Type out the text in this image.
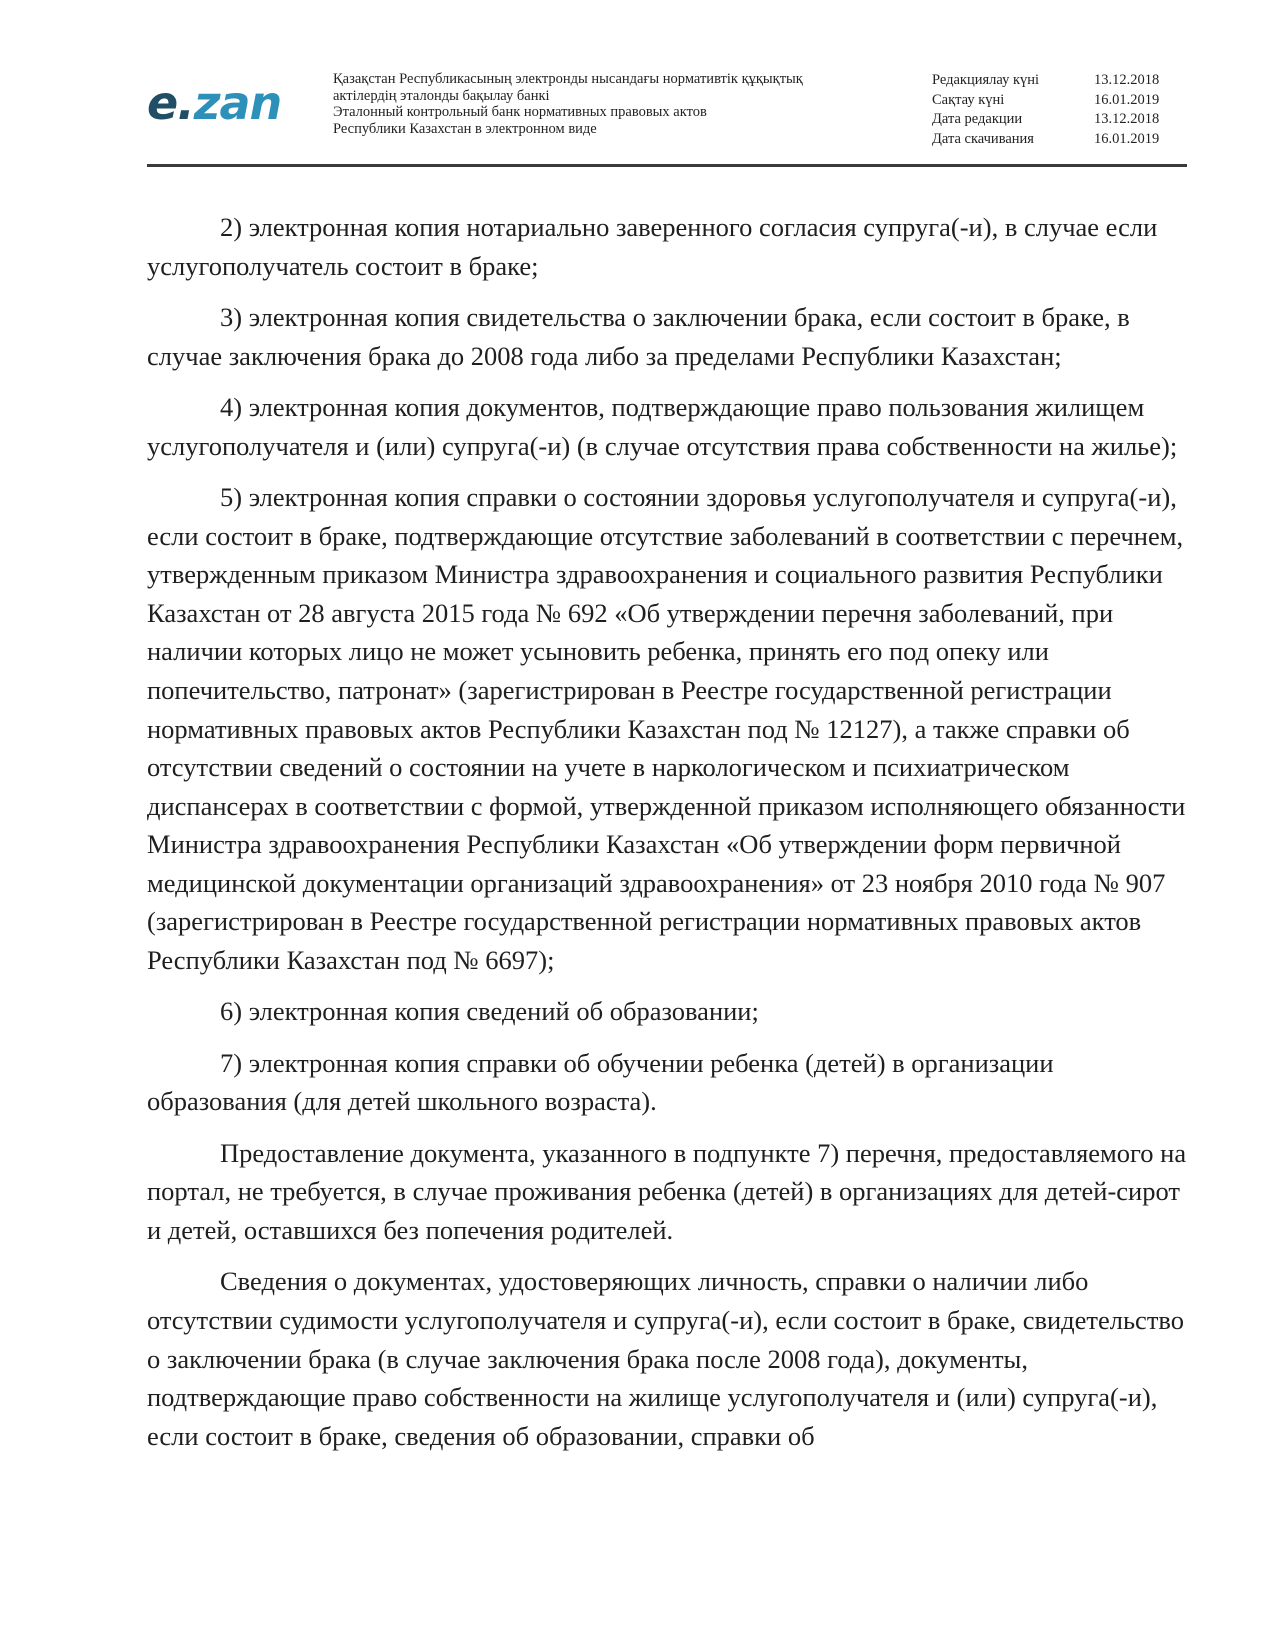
e.zan	Қазақстан Республикасының электронды нысандағы нормативтік құқықтық
актілердің эталонды бақылау банкі
Эталонный контрольный банк нормативных правовых актов
Республики Казахстан в электронном виде
Редакциялау күні	13.12.2018
Сақтау күні	16.01.2019
Дата редакции	13.12.2018
Дата скачивания	16.01.2019

2) электронная копия нотариально заверенного согласия супруга(-и), в случае если услугополучатель состоит в браке;

3) электронная копия свидетельства о заключении брака, если состоит в браке, в случае заключения брака до 2008 года либо за пределами Республики Казахстан;

4) электронная копия документов, подтверждающие право пользования жилищем услугополучателя и (или) супруга(-и) (в случае отсутствия права собственности на жилье);

5) электронная копия справки о состоянии здоровья услугополучателя и супруга(-и), если состоит в браке, подтверждающие отсутствие заболеваний в соответствии с перечнем, утвержденным приказом Министра здравоохранения и социального развития Республики Казахстан от 28 августа 2015 года № 692 «Об утверждении перечня заболеваний, при наличии которых лицо не может усыновить ребенка, принять его под опеку или попечительство, патронат» (зарегистрирован в Реестре государственной регистрации нормативных правовых актов Республики Казахстан под № 12127), а также справки об отсутствии сведений о состоянии на учете в наркологическом и психиатрическом диспансерах в соответствии с формой, утвержденной приказом исполняющего обязанности Министра здравоохранения Республики Казахстан «Об утверждении форм первичной медицинской документации организаций здравоохранения» от 23 ноября 2010 года № 907 (зарегистрирован в Реестре государственной регистрации нормативных правовых актов Республики Казахстан под № 6697);

6) электронная копия сведений об образовании;

7) электронная копия справки об обучении ребенка (детей) в организации образования (для детей школьного возраста).

Предоставление документа, указанного в подпункте 7) перечня, предоставляемого на портал, не требуется, в случае проживания ребенка (детей) в организациях для детей-сирот и детей, оставшихся без попечения родителей.

Сведения о документах, удостоверяющих личность, справки о наличии либо отсутствии судимости услугополучателя и супруга(-и), если состоит в браке, свидетельство о заключении брака (в случае заключения брака после 2008 года), документы, подтверждающие право собственности на жилище услугополучателя и (или) супруга(-и), если состоит в браке, сведения об образовании, справки об
